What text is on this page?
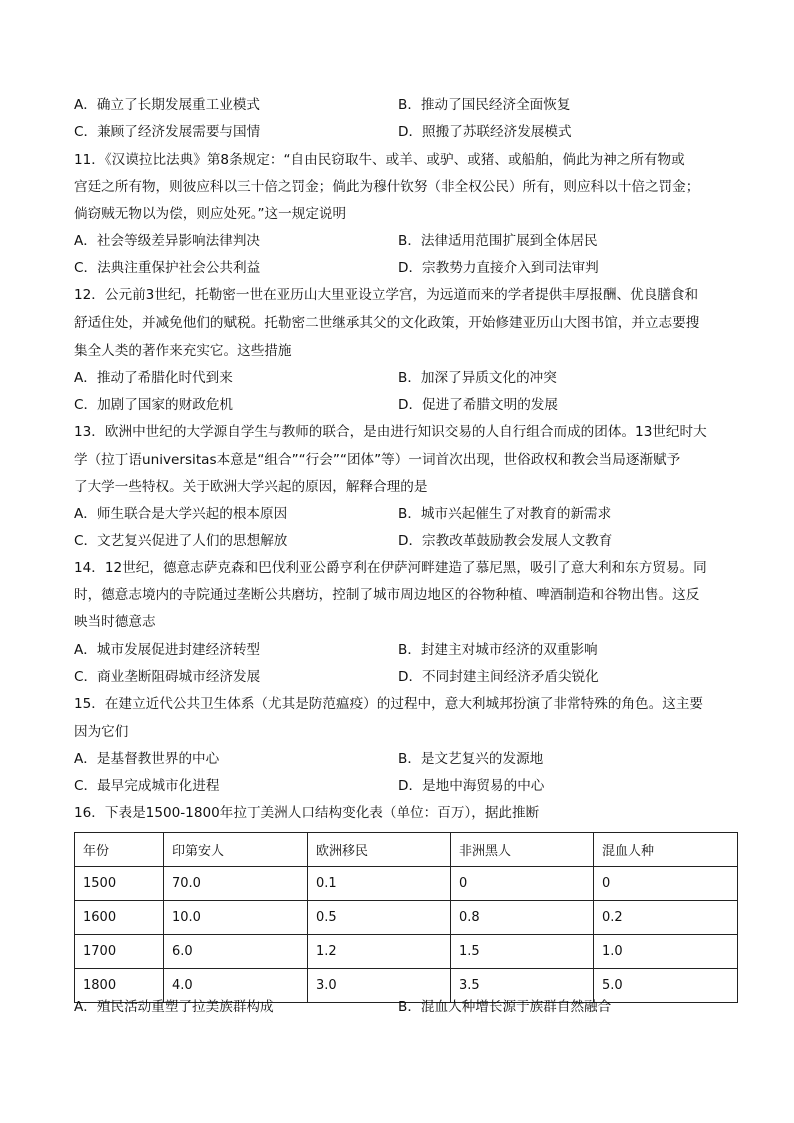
A．确立了长期发展重工业模式	B．推动了国民经济全面恢复
C．兼顾了经济发展需要与国情	D．照搬了苏联经济发展模式
11．《汉谟拉比法典》第8条规定：“自由民窃取牛、或羊、或驴、或猪、或船舶，倘此为神之所有物或
宫廷之所有物，则彼应科以三十倍之罚金；倘此为穆什钦努（非全权公民）所有，则应科以十倍之罚金；
倘窃贼无物以为偿，则应处死。”这一规定说明
A．社会等级差异影响法律判决	B．法律适用范围扩展到全体居民
C．法典注重保护社会公共利益	D．宗教势力直接介入到司法审判
12．公元前3世纪，托勒密一世在亚历山大里亚设立学宫，为远道而来的学者提供丰厚报酬、优良膳食和
舒适住处，并减免他们的赋税。托勒密二世继承其父的文化政策，开始修建亚历山大图书馆，并立志要搜
集全人类的著作来充实它。这些措施
A．推动了希腊化时代到来	B．加深了异质文化的冲突
C．加剧了国家的财政危机	D．促进了希腊文明的发展
13．欧洲中世纪的大学源自学生与教师的联合，是由进行知识交易的人自行组合而成的团体。13世纪时大
学（拉丁语universitas本意是“组合”“行会”“团体”等）一词首次出现，世俗政权和教会当局逐渐赋予
了大学一些特权。关于欧洲大学兴起的原因，解释合理的是
A．师生联合是大学兴起的根本原因	B．城市兴起催生了对教育的新需求
C．文艺复兴促进了人们的思想解放	D．宗教改革鼓励教会发展人文教育
14．12世纪，德意志萨克森和巴伐利亚公爵亨利在伊萨河畔建造了慕尼黑，吸引了意大利和东方贸易。同
时，德意志境内的寺院通过垄断公共磨坊，控制了城市周边地区的谷物种植、啤酒制造和谷物出售。这反
映当时德意志
A．城市发展促进封建经济转型	B．封建主对城市经济的双重影响
C．商业垄断阻碍城市经济发展	D．不同封建主间经济矛盾尖锐化
15．在建立近代公共卫生体系（尤其是防范瘟疫）的过程中，意大利城邦扮演了非常特殊的角色。这主要
因为它们
A．是基督教世界的中心	B．是文艺复兴的发源地
C．最早完成城市化进程	D．是地中海贸易的中心
16．下表是1500-1800年拉丁美洲人口结构变化表（单位：百万），据此推断
年份	印第安人	欧洲移民	非洲黑人	混血人种
1500	70.0	0.1	0	0
1600	10.0	0.5	0.8	0.2
1700	6.0	1.2	1.5	1.0
1800	4.0	3.0	3.5	5.0
A．殖民活动重塑了拉美族群构成	B．混血人种增长源于族群自然融合
